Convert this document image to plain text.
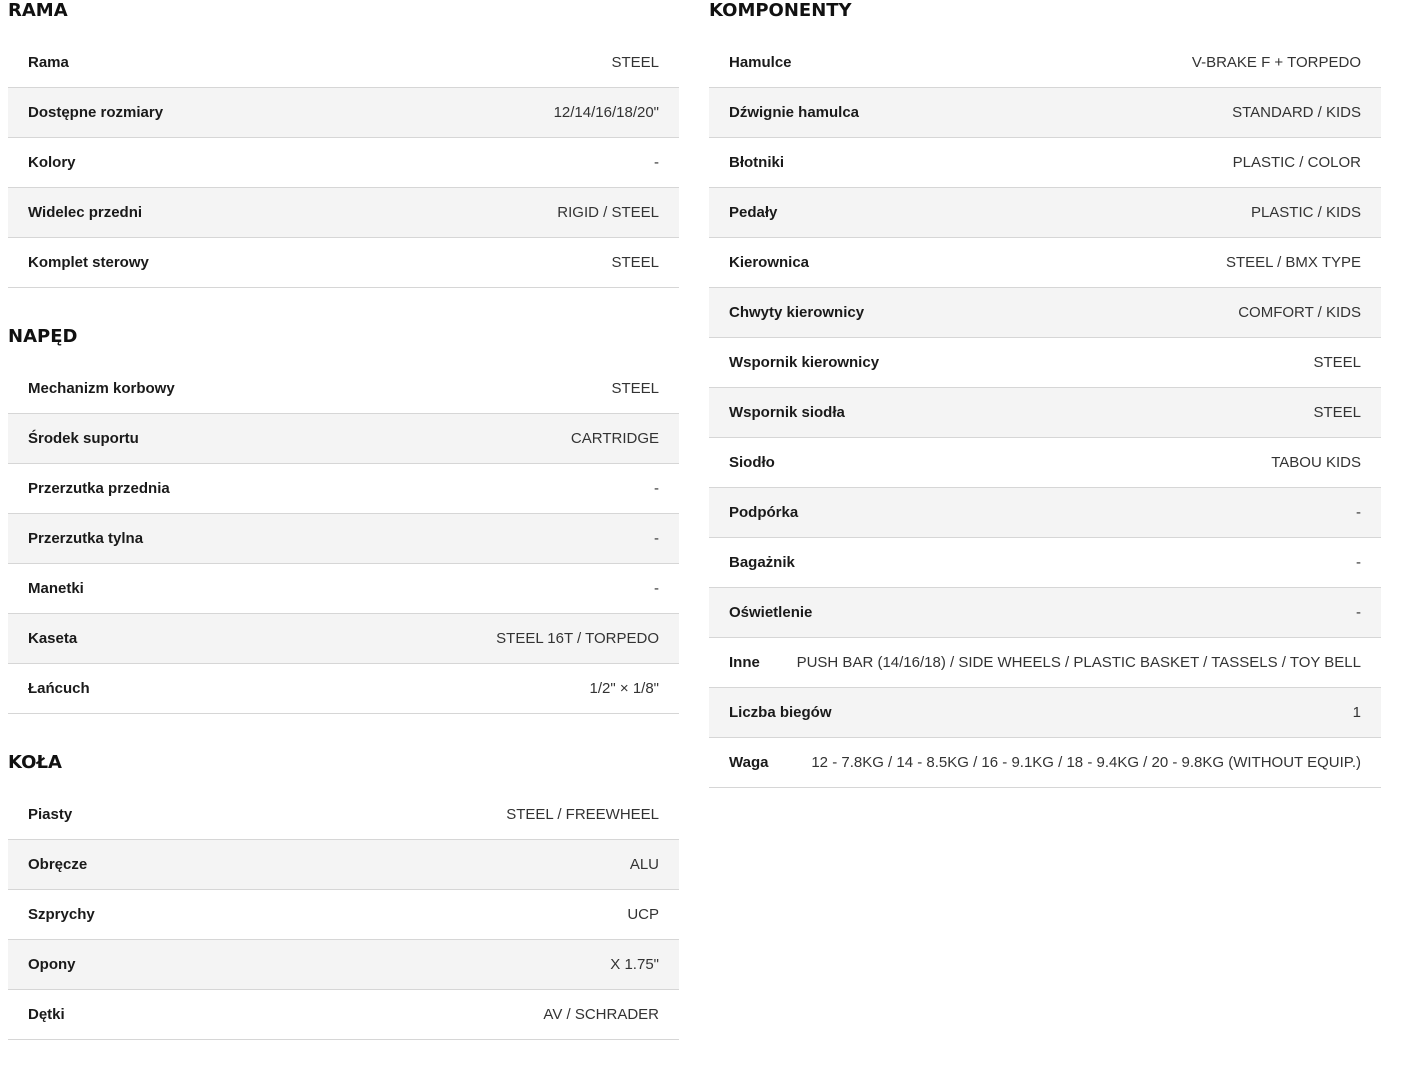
RAMA
Rama	STEEL
Dostępne rozmiary	12/14/16/18/20"
Kolory	-
Widelec przedni	RIGID / STEEL
Komplet sterowy	STEEL
NAPĘD
Mechanizm korbowy	STEEL
Środek suportu	CARTRIDGE
Przerzutka przednia	-
Przerzutka tylna	-
Manetki	-
Kaseta	STEEL 16T / TORPEDO
Łańcuch	1/2" × 1/8"
KOŁA
Piasty	STEEL / FREEWHEEL
Obręcze	ALU
Szprychy	UCP
Opony	X 1.75"
Dętki	AV / SCHRADER
KOMPONENTY
Hamulce	V-BRAKE F + TORPEDO
Dźwignie hamulca	STANDARD / KIDS
Błotniki	PLASTIC / COLOR
Pedały	PLASTIC / KIDS
Kierownica	STEEL / BMX TYPE
Chwyty kierownicy	COMFORT / KIDS
Wspornik kierownicy	STEEL
Wspornik siodła	STEEL
Siodło	TABOU KIDS
Podpórka	-
Bagażnik	-
Oświetlenie	-
Inne PUSH BAR (14/16/18) / SIDE WHEELS / PLASTIC BASKET / TASSELS / TOY BELL
Liczba biegów	1
Waga	12 - 7.8KG / 14 - 8.5KG / 16 - 9.1KG / 18 - 9.4KG / 20 - 9.8KG (WITHOUT EQUIP.)
